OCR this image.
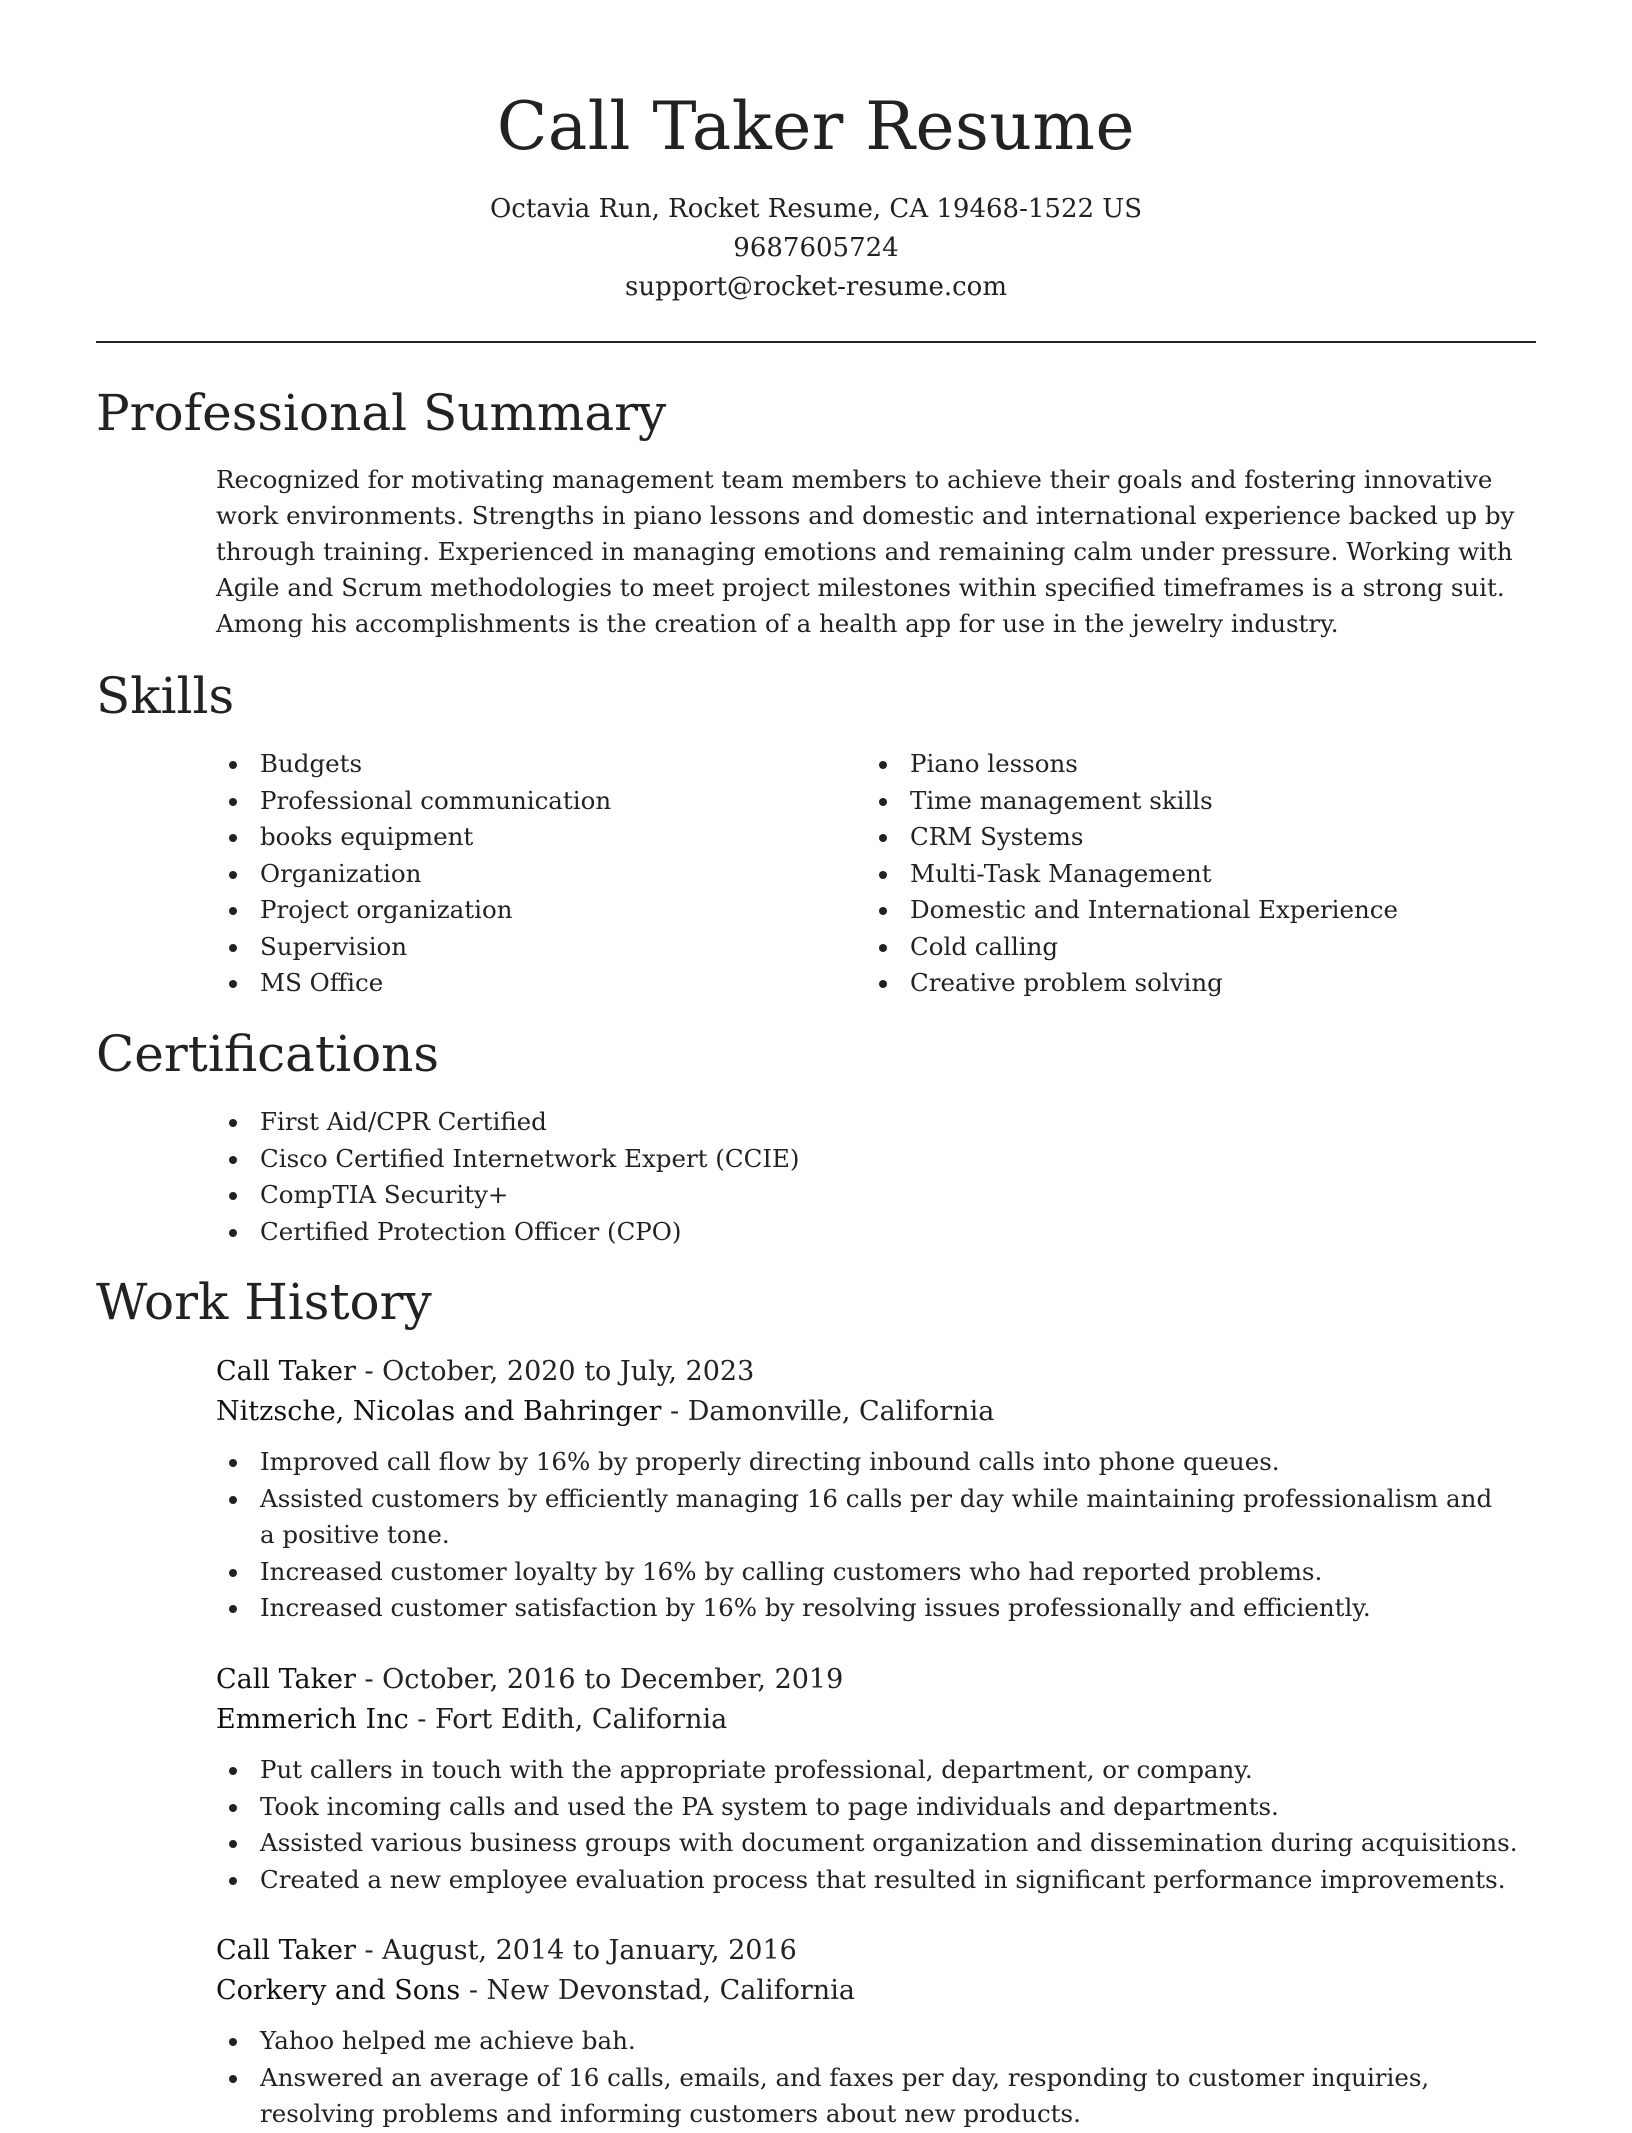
Call Taker Resume
Octavia Run, Rocket Resume, CA 19468-1522 US
9687605724
support@rocket-resume.com
Professional Summary

Recognized for motivating management team members to achieve their goals and fostering innovative work environments. Strengths in piano lessons and domestic and international experience backed up by through training. Experienced in managing emotions and remaining calm under pressure. Working with Agile and Scrum methodologies to meet project milestones within specified timeframes is a strong suit. Among his accomplishments is the creation of a health app for use in the jewelry industry.

Skills
Budgets
Professional communication
books equipment
Organization
Project organization
Supervision
MS Office
Piano lessons
Time management skills
CRM Systems
Multi-Task Management
Domestic and International Experience
Cold calling
Creative problem solving
Certifications
First Aid/CPR Certified
Cisco Certified Internetwork Expert (CCIE)
CompTIA Security+
Certified Protection Officer (CPO)
Work History
Call Taker - October, 2020 to July, 2023
Nitzsche, Nicolas and Bahringer - Damonville, California
Improved call flow by 16% by properly directing inbound calls into phone queues.
Assisted customers by efficiently managing 16 calls per day while maintaining professionalism and a positive tone.
Increased customer loyalty by 16% by calling customers who had reported problems.
Increased customer satisfaction by 16% by resolving issues professionally and efficiently.
Call Taker - October, 2016 to December, 2019
Emmerich Inc - Fort Edith, California
Put callers in touch with the appropriate professional, department, or company.
Took incoming calls and used the PA system to page individuals and departments.
Assisted various business groups with document organization and dissemination during acquisitions.
Created a new employee evaluation process that resulted in significant performance improvements.
Call Taker - August, 2014 to January, 2016
Corkery and Sons - New Devonstad, California
Yahoo helped me achieve bah.
Answered an average of 16 calls, emails, and faxes per day, responding to customer inquiries, resolving problems and informing customers about new products.
